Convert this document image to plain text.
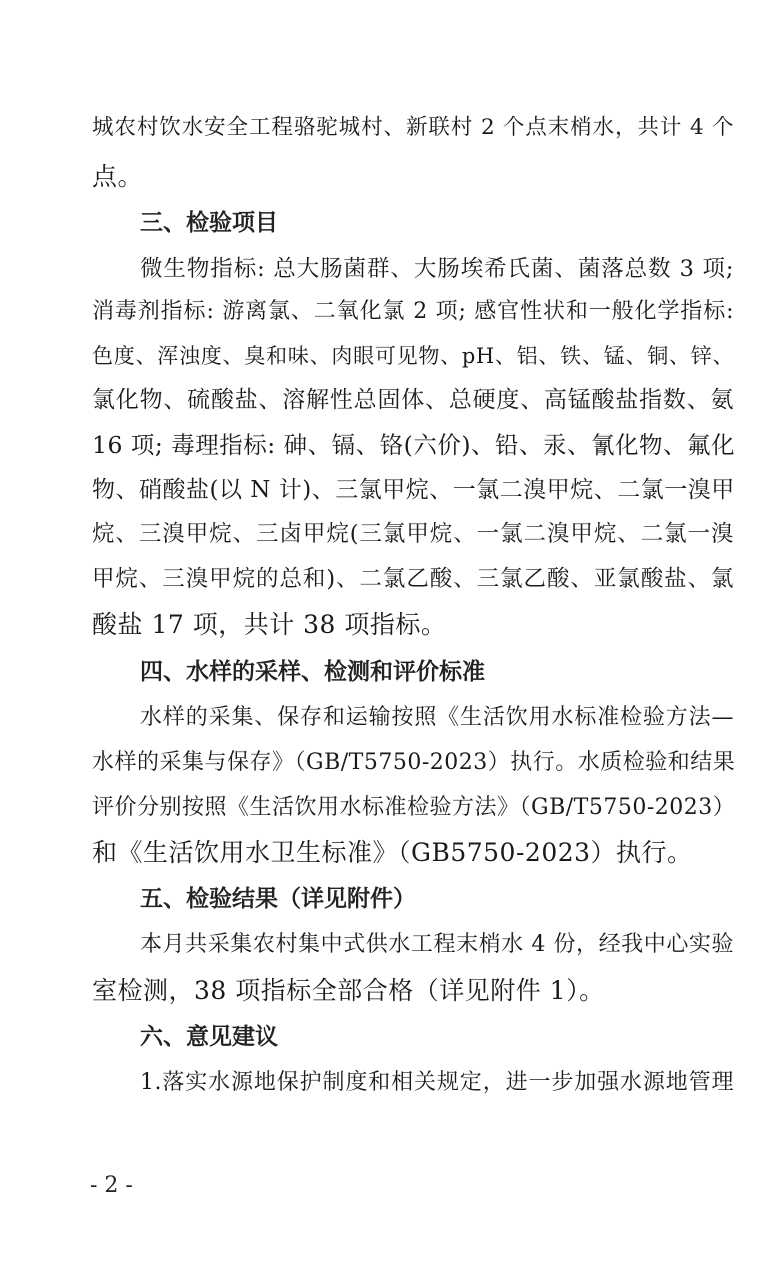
城农村饮水安全工程骆驼城村、新联村 2 个点末梢水，共计 4 个
点。
三、检验项目
微生物指标: 总大肠菌群、大肠埃希氏菌、菌落总数 3 项;
消毒剂指标: 游离氯、二氧化氯 2 项; 感官性状和一般化学指标:
色度、浑浊度、臭和味、肉眼可见物、pH、铝、铁、锰、铜、锌、
氯化物、硫酸盐、溶解性总固体、总硬度、高锰酸盐指数、氨
16 项; 毒理指标: 砷、镉、铬(六价)、铅、汞、氰化物、氟化
物、硝酸盐(以 N 计)、三氯甲烷、一氯二溴甲烷、二氯一溴甲
烷、三溴甲烷、三卤甲烷(三氯甲烷、一氯二溴甲烷、二氯一溴
甲烷、三溴甲烷的总和)、二氯乙酸、三氯乙酸、亚氯酸盐、氯
酸盐 17 项，共计 38 项指标。
四、水样的采样、检测和评价标准
水样的采集、保存和运输按照《生活饮用水标准检验方法—
水样的采集与保存》（GB/T5750-2023）执行。水质检验和结果
评价分别按照《生活饮用水标准检验方法》（GB/T5750-2023）
和《生活饮用水卫生标准》（GB5750-2023）执行。
五、检验结果（详见附件）
本月共采集农村集中式供水工程末梢水 4 份，经我中心实验
室检测，38 项指标全部合格（详见附件 1）。
六、意见建议
1.落实水源地保护制度和相关规定，进一步加强水源地管理
- 2 -
